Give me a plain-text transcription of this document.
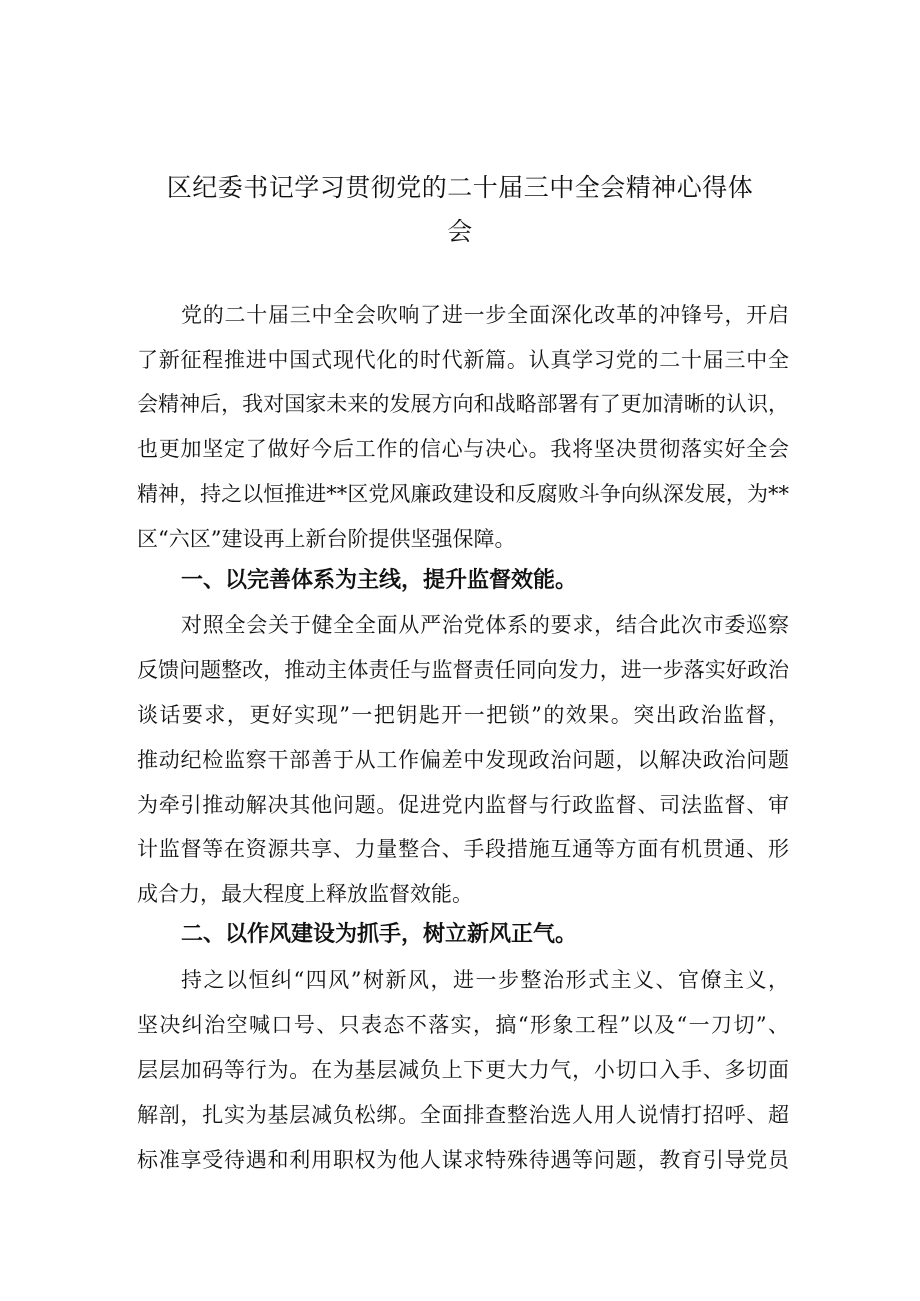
区纪委书记学习贯彻党的二十届三中全会精神心得体
会

党的二十届三中全会吹响了进一步全面深化改革的冲锋号，开启

了新征程推进中国式现代化的时代新篇。认真学习党的二十届三中全

会精神后，我对国家未来的发展方向和战略部署有了更加清晰的认识，

也更加坚定了做好今后工作的信心与决心。我将坚决贯彻落实好全会

精神，持之以恒推进**区党风廉政建设和反腐败斗争向纵深发展，为**

区“六区”建设再上新台阶提供坚强保障。

一、以完善体系为主线，提升监督效能。

对照全会关于健全全面从严治党体系的要求，结合此次市委巡察

反馈问题整改，推动主体责任与监督责任同向发力，进一步落实好政治

谈话要求，更好实现”一把钥匙开一把锁”的效果。突出政治监督，

推动纪检监察干部善于从工作偏差中发现政治问题，以解决政治问题

为牵引推动解决其他问题。促进党内监督与行政监督、司法监督、审

计监督等在资源共享、力量整合、手段措施互通等方面有机贯通、形

成合力，最大程度上释放监督效能。

二、以作风建设为抓手，树立新风正气。

持之以恒纠“四风”树新风，进一步整治形式主义、官僚主义，

坚决纠治空喊口号、只表态不落实，搞“形象工程”以及“一刀切”、

层层加码等行为。在为基层减负上下更大力气，小切口入手、多切面

解剖，扎实为基层减负松绑。全面排查整治选人用人说情打招呼、超

标准享受待遇和利用职权为他人谋求特殊待遇等问题，教育引导党员
